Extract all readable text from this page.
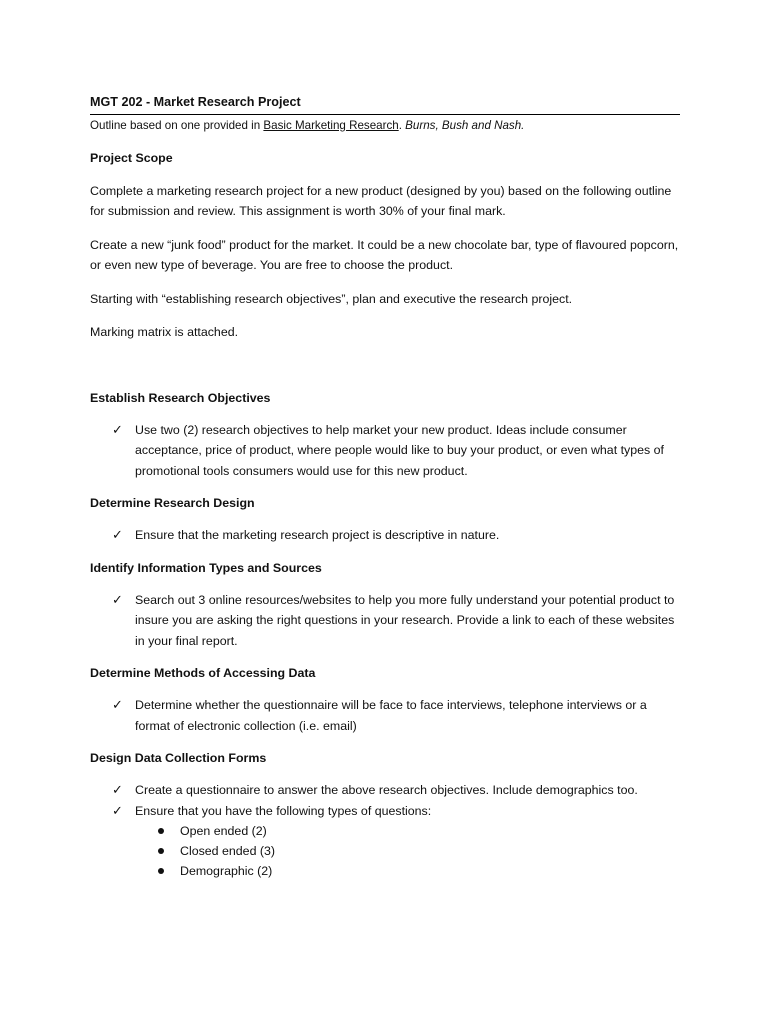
MGT 202 - Market Research Project

Outline based on one provided in Basic Marketing Research. Burns, Bush and Nash.

Project Scope

Complete a marketing research project for a new product (designed by you) based on the following outline for submission and review. This assignment is worth 30% of your final mark.

Create a new “junk food” product for the market. It could be a new chocolate bar, type of flavoured popcorn, or even new type of beverage. You are free to choose the product.

Starting with “establishing research objectives”, plan and executive the research project.

Marking matrix is attached.

Establish Research Objectives
✓ Use two (2) research objectives to help market your new product. Ideas include consumer acceptance, price of product, where people would like to buy your product, or even what types of promotional tools consumers would use for this new product.
Determine Research Design
✓ Ensure that the marketing research project is descriptive in nature.
Identify Information Types and Sources
✓ Search out 3 online resources/websites to help you more fully understand your potential product to insure you are asking the right questions in your research. Provide a link to each of these websites in your final report.
Determine Methods of Accessing Data
✓ Determine whether the questionnaire will be face to face interviews, telephone interviews or a format of electronic collection (i.e. email)
Design Data Collection Forms
✓ Create a questionnaire to answer the above research objectives. Include demographics too.
✓ Ensure that you have the following types of questions:
Open ended (2)
Closed ended (3)
Demographic (2)
